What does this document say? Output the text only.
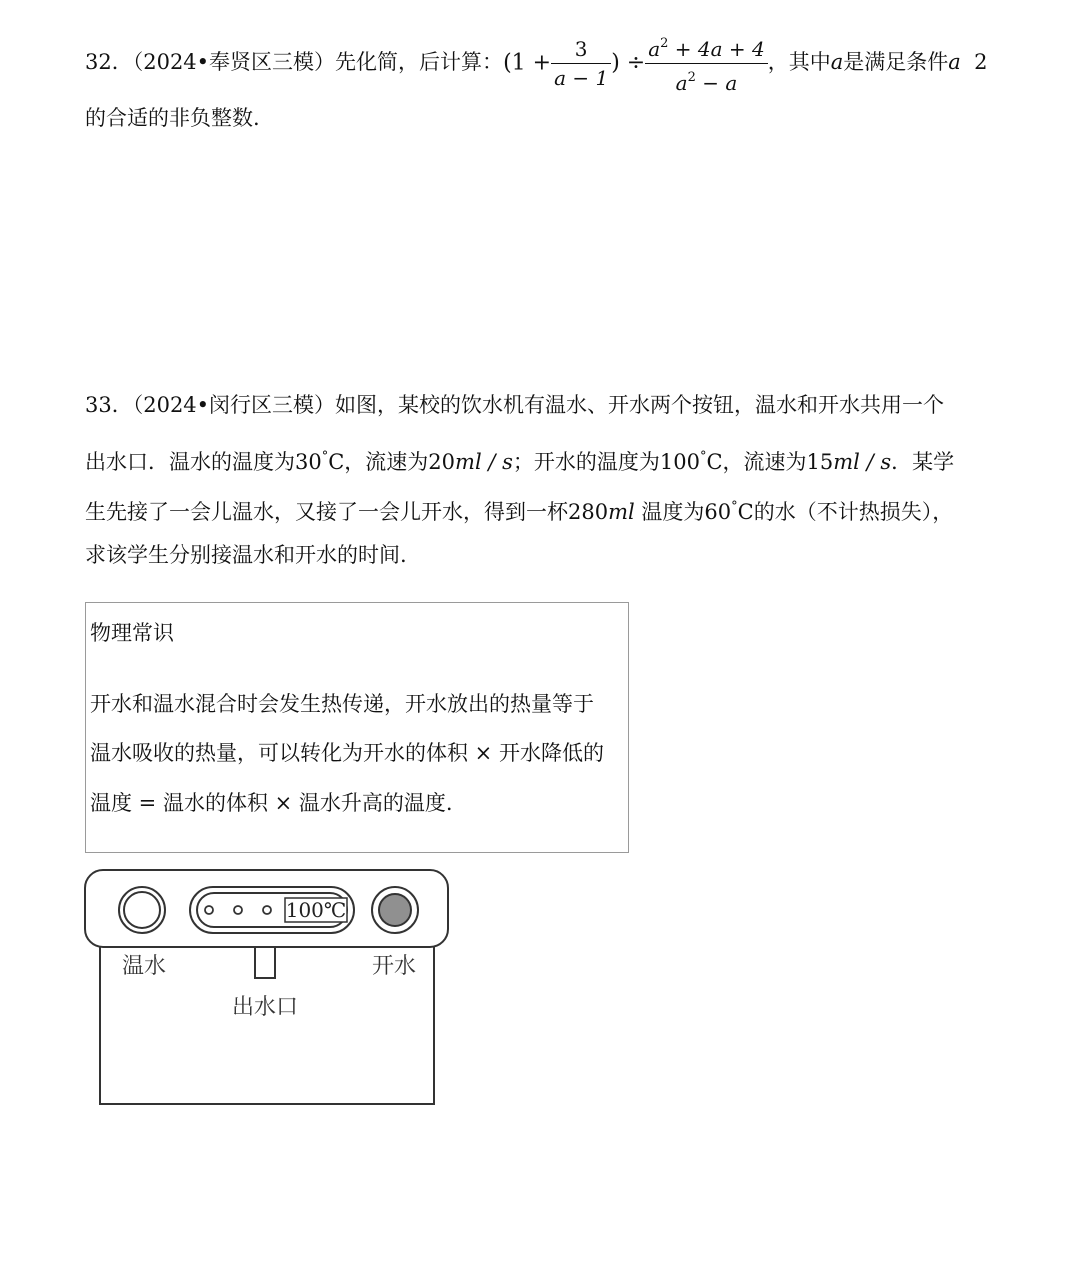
32．（2024•奉贤区三模）先化简，后计算：($1 + \frac{3}{a - 1}$ ) ÷ $\frac{a^2 + 4a + 4}{a^2 - a}$ ，其中a是满足条件a  2
的合适的非负整数.
33．（2024•闵行区三模）如图，某校的饮水机有温水、开水两个按钮，温水和开水共用一个
出水口．温水的温度为30°C，流速为20ml / s；开水的温度为100°C，流速为15ml / s．某学
生先接了一会儿温水，又接了一会儿开水，得到一杯280ml 温度为60°C的水（不计热损失），
求该学生分别接温水和开水的时间.
物理常识
开水和温水混合时会发生热传递，开水放出的热量等于
温水吸收的热量，可以转化为开水的体积 × 开水降低的
温度 = 温水的体积 × 温水升高的温度.
100℃
温水	开水
出水口
